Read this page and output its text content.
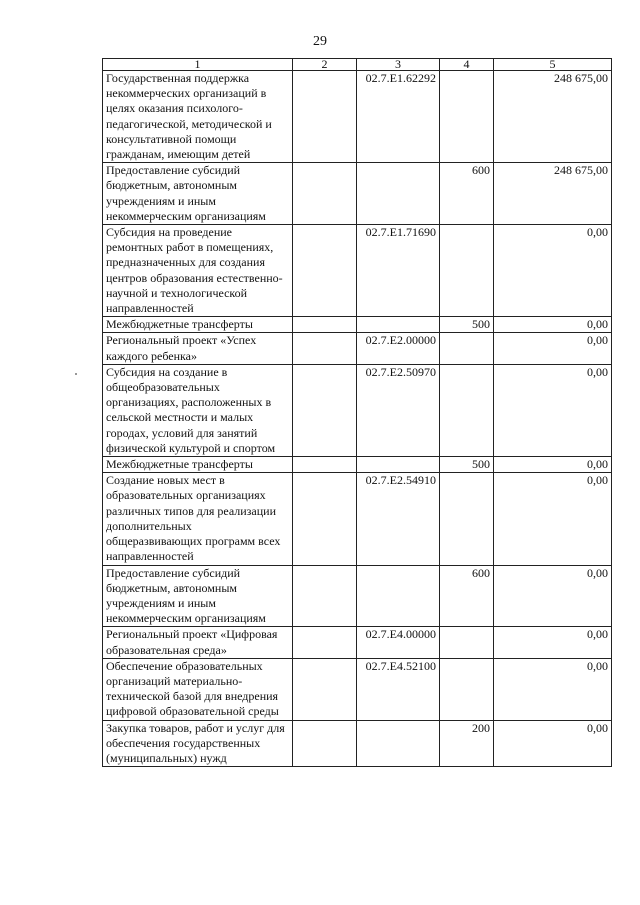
29
1	2	3	4	5
Государственная поддержка некоммерческих организаций в целях оказания психолого-педагогической, методической и консультативной помощи гражданам, имеющим детей		02.7.E1.62292		248 675,00
Предоставление субсидий бюджетным, автономным учреждениям и иным некоммерческим организациям			600	248 675,00
Субсидия на проведение ремонтных работ в помещениях, предназначенных для создания центров образования естественно-научной и технологической направленностей		02.7.E1.71690		0,00
Межбюджетные трансферты			500	0,00
Региональный проект «Успех каждого ребенка»		02.7.E2.00000		0,00
Субсидия на создание в общеобразовательных организациях, расположенных в сельской местности и малых городах, условий для занятий физической культурой и спортом		02.7.E2.50970		0,00
Межбюджетные трансферты			500	0,00
Создание новых мест в образовательных организациях различных типов для реализации дополнительных общеразвивающих программ всех направленностей		02.7.E2.54910		0,00
Предоставление субсидий бюджетным, автономным учреждениям и иным некоммерческим организациям			600	0,00
Региональный проект «Цифровая образовательная среда»		02.7.E4.00000		0,00
Обеспечение образовательных организаций материально-технической базой для внедрения цифровой образовательной среды		02.7.E4.52100		0,00
Закупка товаров, работ и услуг для обеспечения государственных (муниципальных) нужд			200	0,00
